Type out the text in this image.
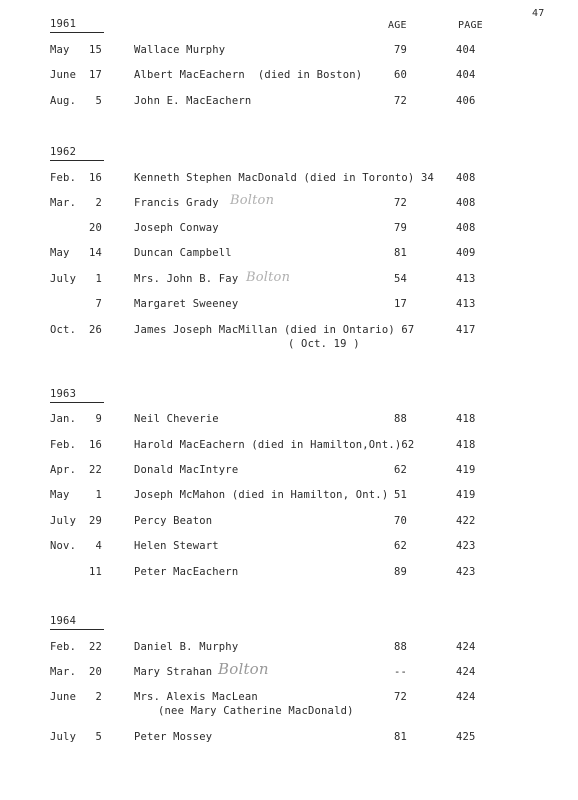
47
AGE	PAGE
1961
May 15	Wallace Murphy	79	404
June 17	Albert MacEachern  (died in Boston)	60	404
Aug.	5	John E. MacEachern	72	406
1962
Feb. 16	Kenneth Stephen MacDonald (died in Toronto) 34 408
Mar.	2	Francis Grady Bolton	72	408
20	Joseph Conway	79	408
May 14	Duncan Campbell	81	409
July	1	Mrs. John B. Fay Bolton	54	413
7	Margaret Sweeney	17	413
Oct. 26	James Joseph MacMillan (died in Ontario) 67	417
( Oct. 19 )
1963
Jan.	9	Neil Cheverie	88	418
Feb. 16	Harold MacEachern (died in Hamilton,Ont.)62	418
Apr. 22	Donald MacIntyre	62	419
May	1	Joseph McMahon (died in Hamilton, Ont.) 51	419
July 29	Percy Beaton	70	422
Nov.	4	Helen Stewart	62	423
11	Peter MacEachern	89	423
1964
Feb. 22	Daniel B. Murphy	88	424
Mar. 20	Mary Strahan Bolton	--	424
June	2	Mrs. Alexis MacLean	72	424
(nee Mary Catherine MacDonald)
July	5	Peter Mossey	81	425
